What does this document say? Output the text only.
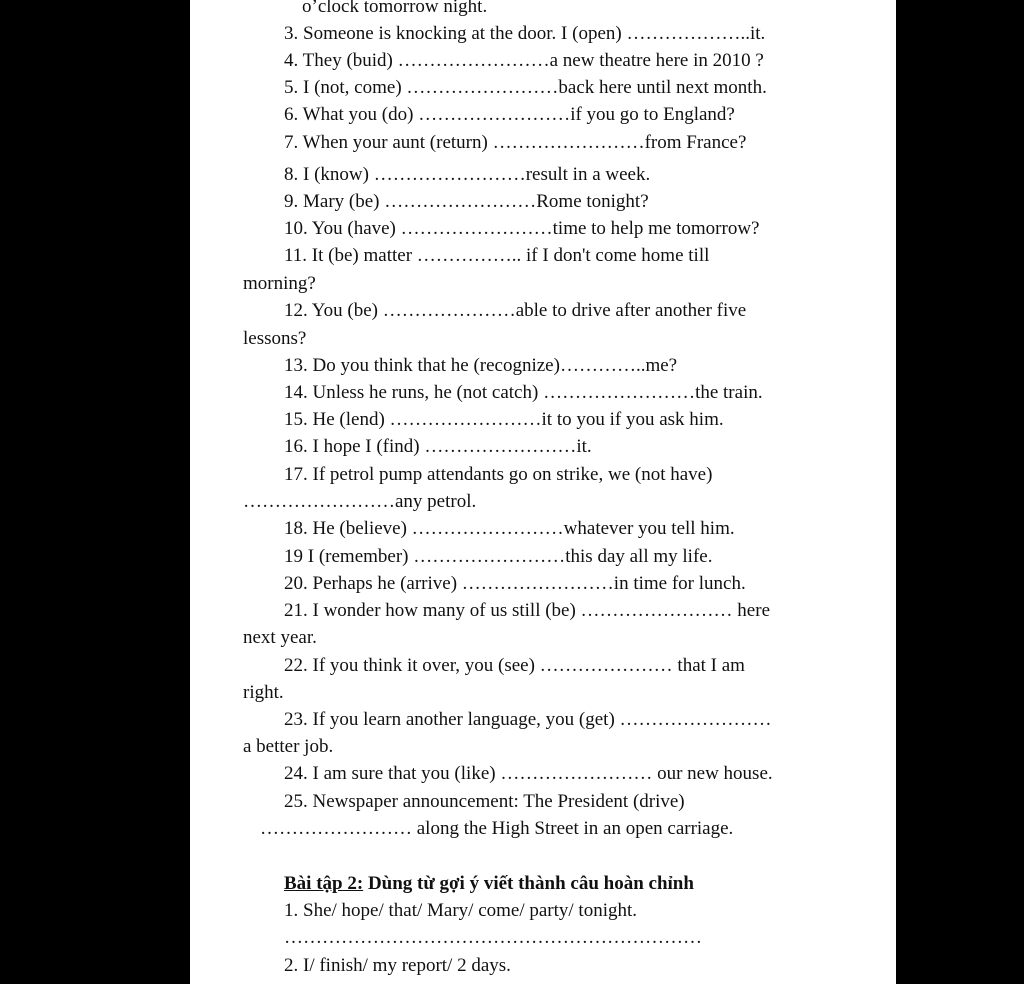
o’clock tomorrow night.
3. Someone is knocking at the door. I (open) ………………..it.
4. They (buid) ……………………a new theatre here in 2010 ?
5. I (not, come) ……………………back here until next month.
6. What you (do) ……………………if you go to England?
7. When your aunt (return) ……………………from France?
8. I (know) ……………………result in a week.
9. Mary (be) ……………………Rome tonight?
10. You (have) ……………………time to help me tomorrow?
11. It (be) matter …………….. if I don't come home till
morning?
12. You (be) …………………able to drive after another five
lessons?
13. Do you think that he (recognize)…………..me?
14. Unless he runs, he (not catch) ……………………the train.
15. He (lend) ……………………it to you if you ask him.
16. I hope I (find) ……………………it.
17. If petrol pump attendants go on strike, we (not have)
……………………any petrol.
18. He (believe) ……………………whatever you tell him.
19 I (remember) ……………………this day all my life.
20. Perhaps he (arrive) ……………………in time for lunch.
21. I wonder how many of us still (be) …………………… here
next year.
22. If you think it over, you (see) ………………… that I am
right.
23. If you learn another language, you (get) ……………………
a better job.
24. I am sure that you (like) …………………… our new house.
25. Newspaper announcement: The President (drive)
…………………… along the High Street in an open carriage.
Bài tập 2: Dùng từ gợi ý viết thành câu hoàn chỉnh
1. She/ hope/ that/ Mary/ come/ party/ tonight.
…………………………………………………………
2. I/ finish/ my report/ 2 days.
